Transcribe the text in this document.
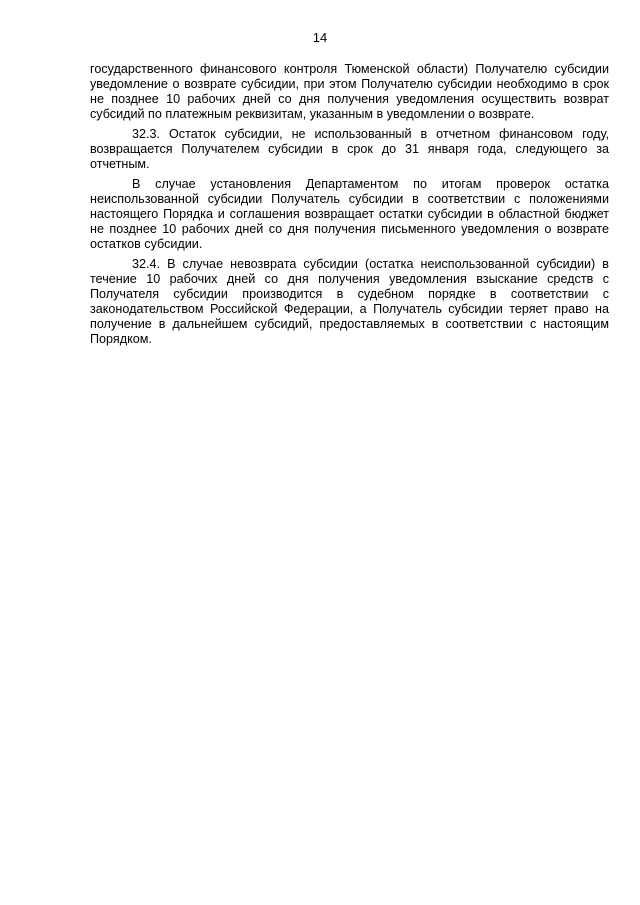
14

государственного финансового контроля Тюменской области) Получателю субсидии уведомление о возврате субсидии, при этом Получателю субсидии необходимо в срок не позднее 10 рабочих дней со дня получения уведомления осуществить возврат субсидий по платежным реквизитам, указанным в уведомлении о возврате.

32.3. Остаток субсидии, не использованный в отчетном финансовом году, возвращается Получателем субсидии в срок до 31 января года, следующего за отчетным.

В случае установления Департаментом по итогам проверок остатка неиспользованной субсидии Получатель субсидии в соответствии с положениями настоящего Порядка и соглашения возвращает остатки субсидии в областной бюджет не позднее 10 рабочих дней со дня получения письменного уведомления о возврате остатков субсидии.

32.4. В случае невозврата субсидии (остатка неиспользованной субсидии) в течение 10 рабочих дней со дня получения уведомления взыскание средств с Получателя субсидии производится в судебном порядке в соответствии с законодательством Российской Федерации, а Получатель субсидии теряет право на получение в дальнейшем субсидий, предоставляемых в соответствии с настоящим Порядком.
